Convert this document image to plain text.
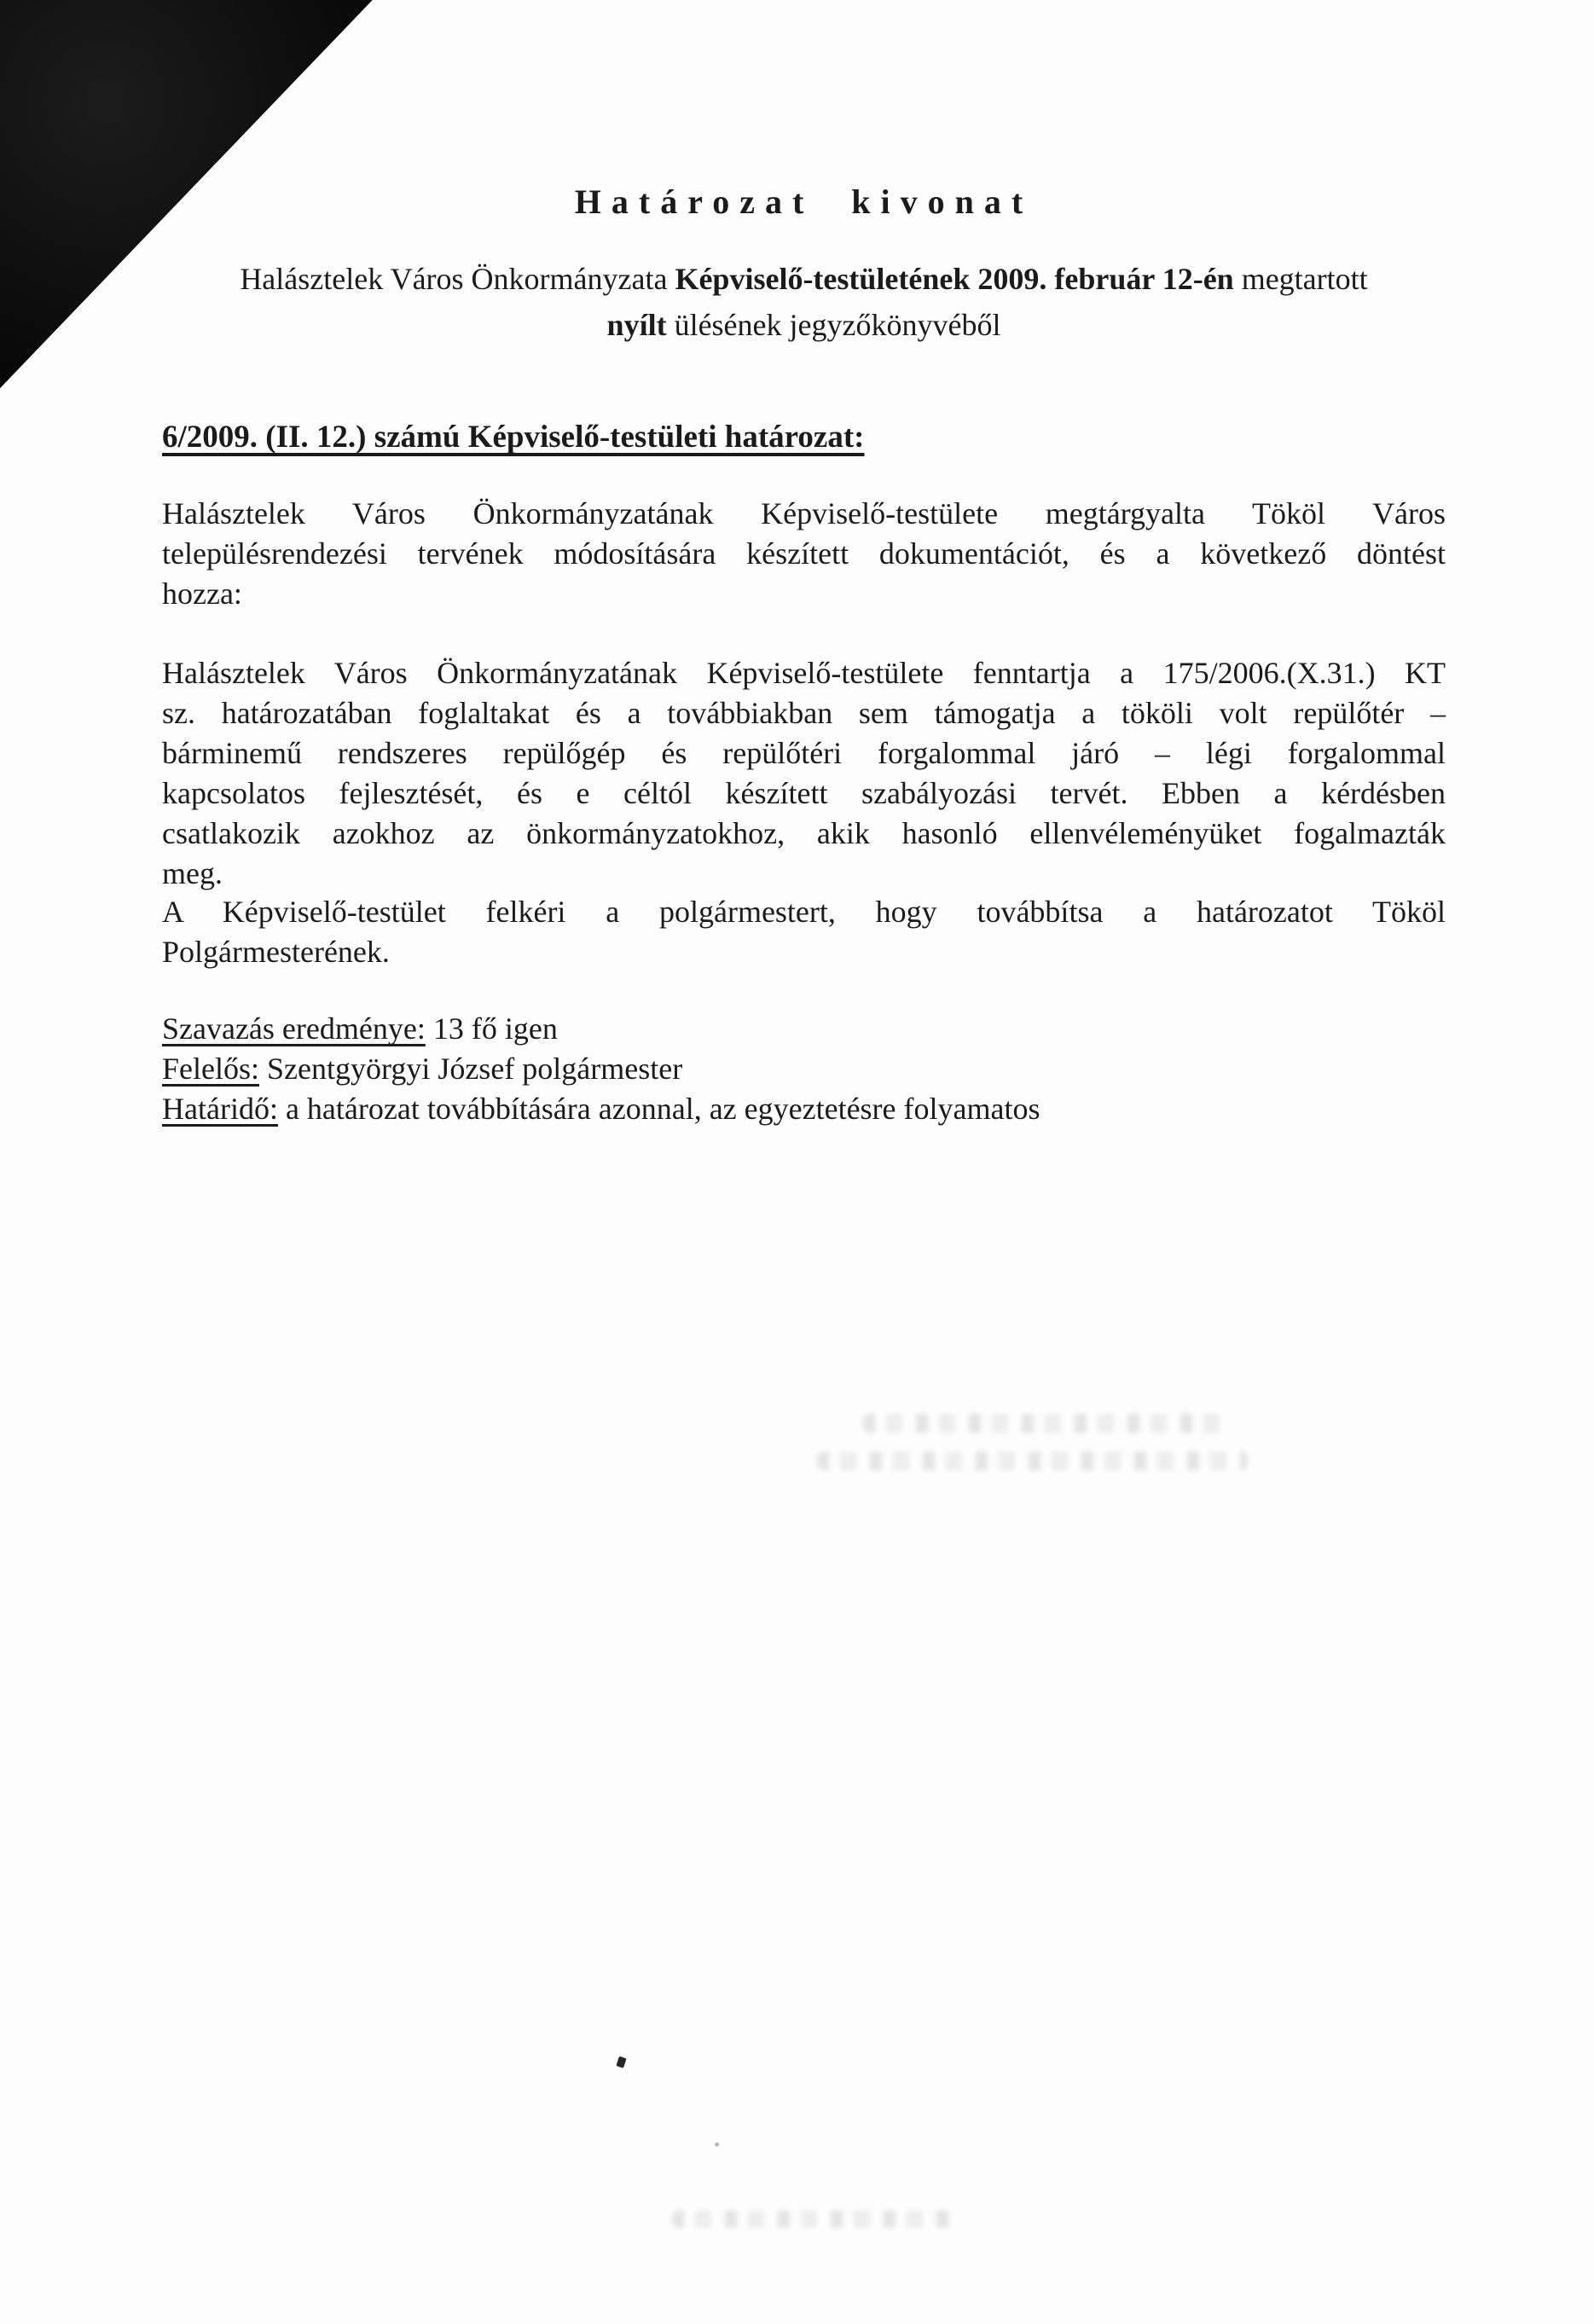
Határozat kivonat
Halásztelek Város Önkormányzata Képviselő-testületének 2009. február 12-én megtartott
nyílt ülésének jegyzőkönyvéből
6/2009. (II. 12.) számú Képviselő-testületi határozat:
Halásztelek Város Önkormányzatának Képviselő-testülete megtárgyalta Tököl Város
településrendezési tervének módosítására készített dokumentációt, és a következő döntést
hozza:
Halásztelek Város Önkormányzatának Képviselő-testülete fenntartja a 175/2006.(X.31.) KT
sz. határozatában foglaltakat és a továbbiakban sem támogatja a tököli volt repülőtér –
bárminemű rendszeres repülőgép és repülőtéri forgalommal járó – légi forgalommal
kapcsolatos fejlesztését, és e céltól készített szabályozási tervét. Ebben a kérdésben
csatlakozik azokhoz az önkormányzatokhoz, akik hasonló ellenvéleményüket fogalmazták
meg.
A Képviselő-testület felkéri a polgármestert, hogy továbbítsa a határozatot Tököl
Polgármesterének.
Szavazás eredménye: 13 fő igen
Felelős: Szentgyörgyi József polgármester
Határidő: a határozat továbbítására azonnal, az egyeztetésre folyamatos
